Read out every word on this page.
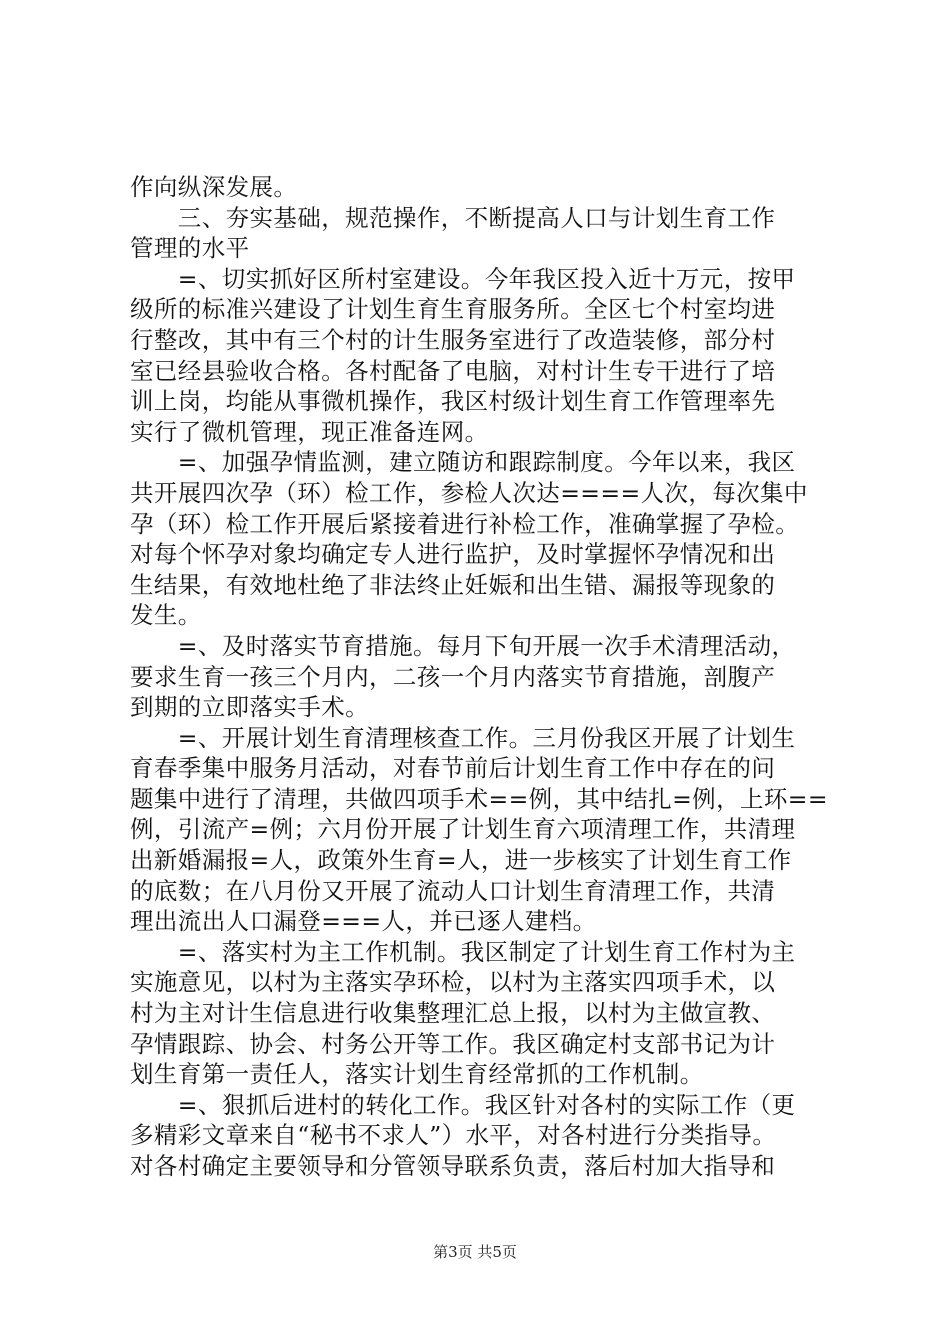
作向纵深发展。
　　三、夯实基础，规范操作，不断提高人口与计划生育工作
管理的水平
　　=、切实抓好区所村室建设。今年我区投入近十万元，按甲
级所的标准兴建设了计划生育生育服务所。全区七个村室均进
行整改，其中有三个村的计生服务室进行了改造装修，部分村
室已经县验收合格。各村配备了电脑，对村计生专干进行了培
训上岗，均能从事微机操作，我区村级计划生育工作管理率先
实行了微机管理，现正准备连网。
　　=、加强孕情监测，建立随访和跟踪制度。今年以来，我区
共开展四次孕（环）检工作，参检人次达====人次，每次集中
孕（环）检工作开展后紧接着进行补检工作，准确掌握了孕检。
对每个怀孕对象均确定专人进行监护，及时掌握怀孕情况和出
生结果，有效地杜绝了非法终止妊娠和出生错、漏报等现象的
发生。
　　=、及时落实节育措施。每月下旬开展一次手术清理活动，
要求生育一孩三个月内，二孩一个月内落实节育措施，剖腹产
到期的立即落实手术。
　　=、开展计划生育清理核查工作。三月份我区开展了计划生
育春季集中服务月活动，对春节前后计划生育工作中存在的问
题集中进行了清理，共做四项手术==例，其中结扎=例，上环==
例，引流产=例；六月份开展了计划生育六项清理工作，共清理
出新婚漏报=人，政策外生育=人，进一步核实了计划生育工作
的底数；在八月份又开展了流动人口计划生育清理工作，共清
理出流出人口漏登===人，并已逐人建档。
　　=、落实村为主工作机制。我区制定了计划生育工作村为主
实施意见，以村为主落实孕环检，以村为主落实四项手术，以
村为主对计生信息进行收集整理汇总上报，以村为主做宣教、
孕情跟踪、协会、村务公开等工作。我区确定村支部书记为计
划生育第一责任人，落实计划生育经常抓的工作机制。
　　=、狠抓后进村的转化工作。我区针对各村的实际工作（更
多精彩文章来自“秘书不求人”）水平，对各村进行分类指导。
对各村确定主要领导和分管领导联系负责，落后村加大指导和
第3页 共5页
